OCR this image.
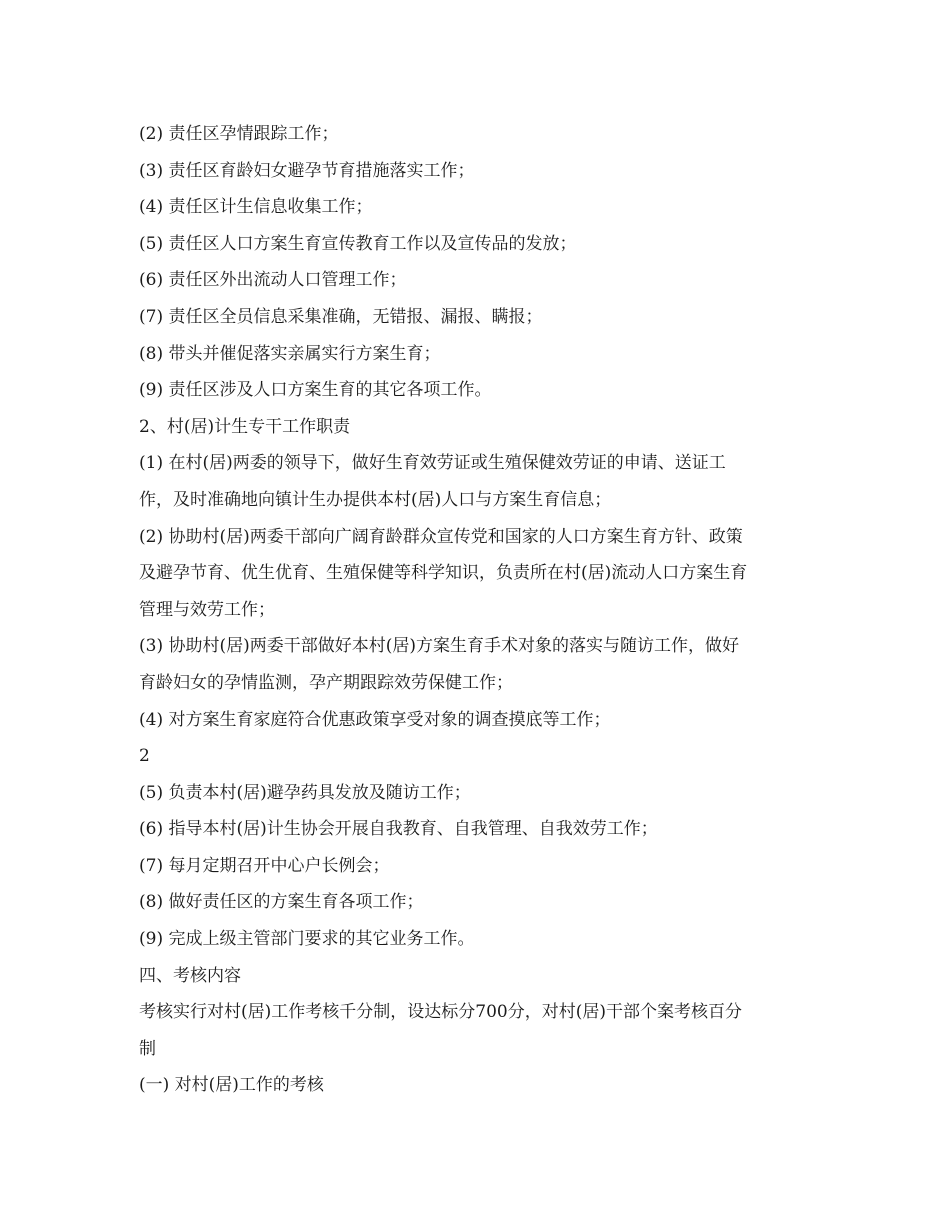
(2) 责任区孕情跟踪工作；
(3) 责任区育龄妇女避孕节育措施落实工作；
(4) 责任区计生信息收集工作；
(5) 责任区人口方案生育宣传教育工作以及宣传品的发放；
(6) 责任区外出流动人口管理工作；
(7) 责任区全员信息采集准确，无错报、漏报、瞒报；
(8) 带头并催促落实亲属实行方案生育；
(9) 责任区涉及人口方案生育的其它各项工作。
2、村(居)计生专干工作职责
(1) 在村(居)两委的领导下，做好生育效劳证或生殖保健效劳证的申请、送证工
作，及时准确地向镇计生办提供本村(居)人口与方案生育信息；
(2) 协助村(居)两委干部向广阔育龄群众宣传党和国家的人口方案生育方针、政策
及避孕节育、优生优育、生殖保健等科学知识，负责所在村(居)流动人口方案生育
管理与效劳工作；
(3) 协助村(居)两委干部做好本村(居)方案生育手术对象的落实与随访工作，做好
育龄妇女的孕情监测，孕产期跟踪效劳保健工作；
(4) 对方案生育家庭符合优惠政策享受对象的调查摸底等工作；
2
(5) 负责本村(居)避孕药具发放及随访工作；
(6) 指导本村(居)计生协会开展自我教育、自我管理、自我效劳工作；
(7) 每月定期召开中心户长例会；
(8) 做好责任区的方案生育各项工作；
(9) 完成上级主管部门要求的其它业务工作。
四、考核内容
考核实行对村(居)工作考核千分制，设达标分700分，对村(居)干部个案考核百分
制
(一) 对村(居)工作的考核
